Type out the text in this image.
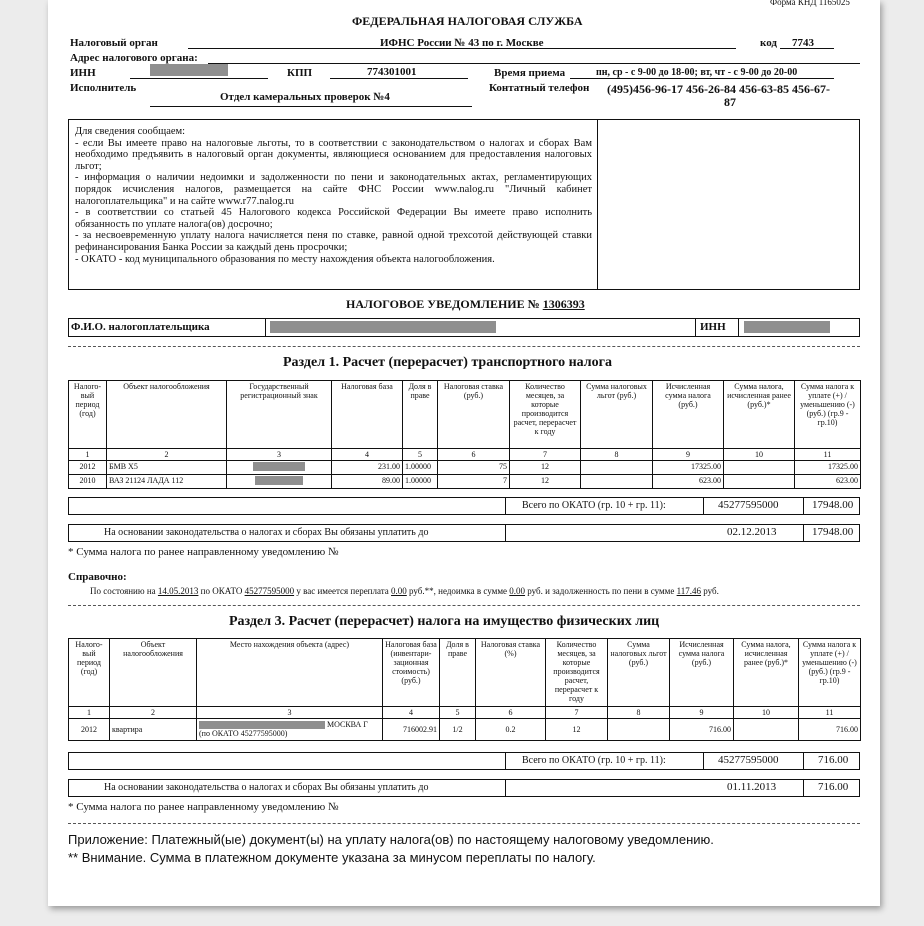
Форма КНД 1165025
ФЕДЕРАЛЬНАЯ НАЛОГОВАЯ СЛУЖБА
Налоговый орган	ИФНС России № 43 по г. Москве	код 7743
Адрес налогового органа:
ИНН	КПП	774301001	Время приема	пн, ср - с 9-00 до 18-00; вт, чт - с 9-00 до 20-00
Исполнитель
Отдел камеральных проверок №4
Контатный телефон (495)456-96-17 456-26-84 456-63-85 456-67-
87
Для сведения сообщаем:
- если Вы имеете право на налоговые льготы, то в соответствии с законодательством о налогах и сборах Вам необходимо предъявить в налоговый орган документы, являющиеся основанием для предоставления налоговых льгот;
- информация о наличии недоимки и задолженности по пени и законодательных актах, регламентирующих порядок исчисления налогов, размещается на сайте ФНС России www.nalog.ru "Личный кабинет налогоплательщика" и на сайте www.r77.nalog.ru
- в соответствии со статьей 45 Налогового кодекса Российской Федерации Вы имеете право исполнить обязанность по уплате налога(ов) досрочно;
- за несвоевременную уплату налога начисляется пеня по ставке, равной одной трехсотой действующей ставки рефинансирования Банка России за каждый день просрочки;
- ОКАТО - код муниципального образования по месту нахождения объекта налогообложения.
НАЛОГОВОЕ УВЕДОМЛЕНИЕ № 1306393
Ф.И.О. налогоплательщика	ИНН
Раздел 1. Расчет (перерасчет) транспортного налога
Налого-вый период (год)	Объект налогообложения	Государственный регистрационный знак	Налоговая база	Доля в праве	Налоговая ставка (руб.)	Количество месяцев, за которые производится расчет, перерасчет к году	Сумма налоговых льгот (руб.)	Исчисленная сумма налога (руб.)	Сумма налога, исчисленная ранее (руб.)*	Сумма налога к уплате (+) / уменьшению (-) (руб.) (гр.9 - гр.10)
1	2	3	4	5	6	7	8	9	10	11
2012	БМВ X5		231.00	1.00000	75	12		17325.00		17325.00
2010	ВАЗ 21124 ЛАДА 112		89.00	1.00000	7	12		623.00		623.00
Всего по ОКАТО (гр. 10 + гр. 11):	45277595000	17948.00
На основании законодательства о налогах и сборах Вы обязаны уплатить до	02.12.2013	17948.00
* Сумма налога по ранее направленному уведомлению №
Справочно:
По состоянию на 14.05.2013 по ОКАТО 45277595000 у вас имеется переплата 0.00 руб.**, недоимка в сумме 0.00 руб. и задолженность по пени в сумме 117.46 руб.
Раздел 3. Расчет (перерасчет) налога на имущество физических лиц
Налого-вый период (год)	Объект налогообложения	Место нахождения объекта (адрес)	Налоговая база (инвентари-зационная стоимость) (руб.)	Доля в праве	Налоговая ставка (%)	Количество месяцев, за которые производится расчет, перерасчет к году	Сумма налоговых льгот (руб.)	Исчисленная сумма налога (руб.)	Сумма налога, исчисленная ранее (руб.)*	Сумма налога к уплате (+) / уменьшению (-) (руб.) (гр.9 - гр.10)
1	2	3	4	5	6	7	8	9	10	11
2012	квартира	МОСКВА Г
(по ОКАТО 45277595000)	716002.91	1/2	0.2	12		716.00		716.00
Всего по ОКАТО (гр. 10 + гр. 11):	45277595000	716.00
На основании законодательства о налогах и сборах Вы обязаны уплатить до	01.11.2013	716.00
* Сумма налога по ранее направленному уведомлению №
Приложение: Платежный(ые) документ(ы) на уплату налога(ов) по настоящему налоговому уведомлению.
** Внимание. Сумма в платежном документе указана за минусом переплаты по налогу.
